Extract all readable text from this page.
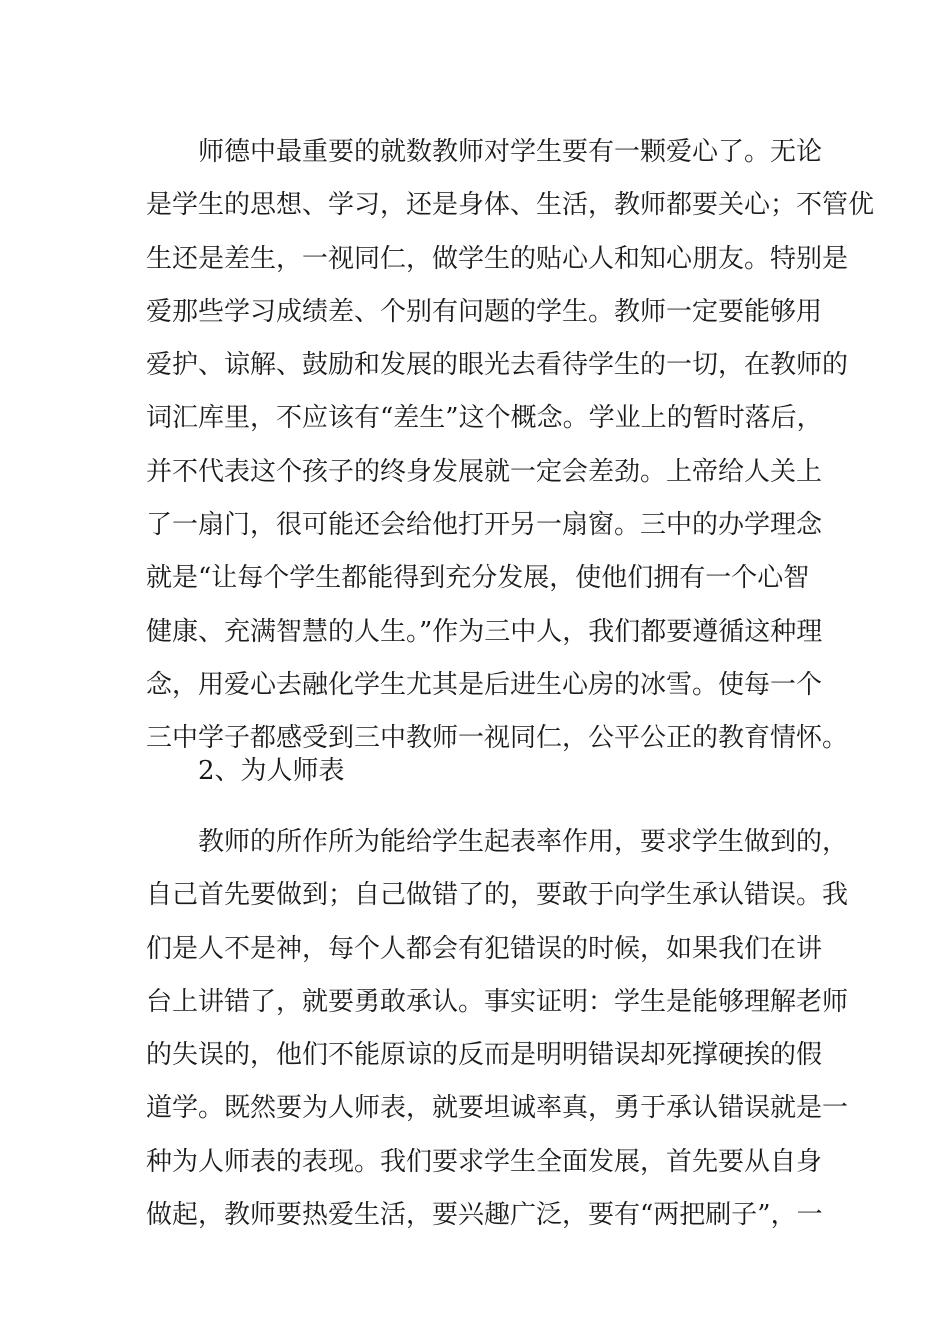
师德中最重要的就数教师对学生要有一颗爱心了。无论
是学生的思想、学习，还是身体、生活，教师都要关心；不管优
生还是差生，一视同仁，做学生的贴心人和知心朋友。特别是
爱那些学习成绩差、个别有问题的学生。教师一定要能够用
爱护、谅解、鼓励和发展的眼光去看待学生的一切，在教师的
词汇库里，不应该有“差生”这个概念。学业上的暂时落后，
并不代表这个孩子的终身发展就一定会差劲。上帝给人关上
了一扇门，很可能还会给他打开另一扇窗。三中的办学理念
就是“让每个学生都能得到充分发展，使他们拥有一个心智
健康、充满智慧的人生。”作为三中人，我们都要遵循这种理
念，用爱心去融化学生尤其是后进生心房的冰雪。使每一个
三中学子都感受到三中教师一视同仁，公平公正的教育情怀。
2、为人师表
教师的所作所为能给学生起表率作用，要求学生做到的，
自己首先要做到；自己做错了的，要敢于向学生承认错误。我
们是人不是神，每个人都会有犯错误的时候，如果我们在讲
台上讲错了，就要勇敢承认。事实证明：学生是能够理解老师
的失误的，他们不能原谅的反而是明明错误却死撑硬挨的假
道学。既然要为人师表，就要坦诚率真，勇于承认错误就是一
种为人师表的表现。我们要求学生全面发展，首先要从自身
做起，教师要热爱生活，要兴趣广泛，要有“两把刷子”，一
